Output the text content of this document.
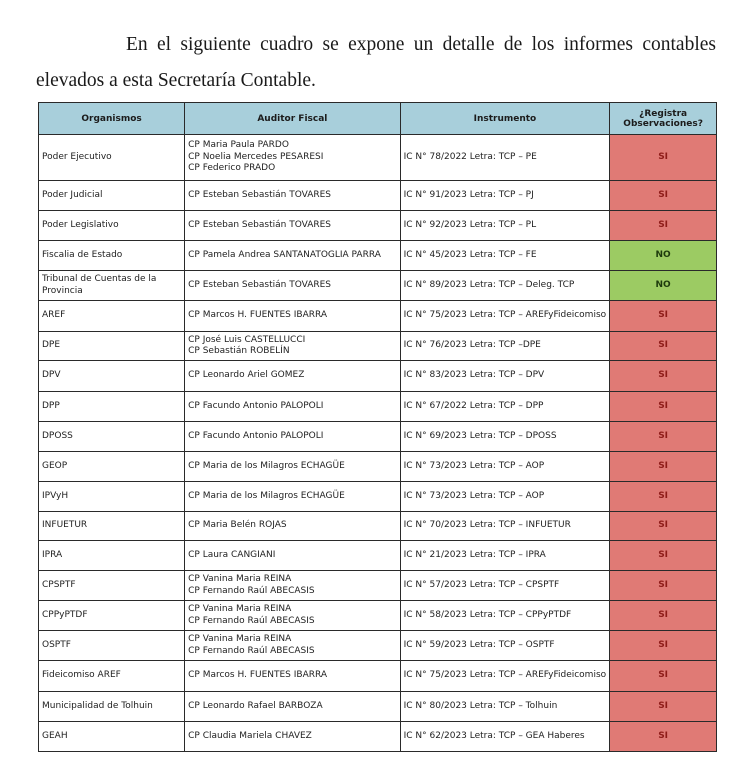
En el siguiente cuadro se expone un detalle de los informes contables
elevados a esta Secretaría Contable.
Organismos	Auditor Fiscal	Instrumento	¿Registra Observaciones?
Poder Ejecutivo	CP Maria Paula PARDO
CP Noelia Mercedes PESARESI
CP Federico PRADO	IC N° 78/2022 Letra: TCP – PE	SI
Poder Judicial	CP Esteban Sebastián TOVARES	IC N° 91/2023 Letra: TCP – PJ	SI
Poder Legislativo	CP Esteban Sebastián TOVARES	IC N° 92/2023 Letra: TCP – PL	SI
Fiscalia de Estado	CP Pamela Andrea SANTANATOGLIA PARRA	IC N° 45/2023 Letra: TCP – FE	NO
Tribunal de Cuentas de la Provincia	CP Esteban Sebastián TOVARES	IC N° 89/2023 Letra: TCP – Deleg. TCP	NO
AREF	CP Marcos H. FUENTES IBARRA	IC N° 75/2023 Letra: TCP – AREFyFideicomiso	SI
DPE	CP José Luis CASTELLUCCI
CP Sebastián ROBELÍN	IC N° 76/2023 Letra: TCP –DPE	SI
DPV	CP Leonardo Ariel GOMEZ	IC N° 83/2023 Letra: TCP – DPV	SI
DPP	CP Facundo Antonio PALOPOLI	IC N° 67/2022 Letra: TCP – DPP	SI
DPOSS	CP Facundo Antonio PALOPOLI	IC N° 69/2023 Letra: TCP – DPOSS	SI
GEOP	CP Maria de los Milagros ECHAGÜE	IC N° 73/2023 Letra: TCP – AOP	SI
IPVyH	CP Maria de los Milagros ECHAGÜE	IC N° 73/2023 Letra: TCP – AOP	SI
INFUETUR	CP Maria Belén ROJAS	IC N° 70/2023 Letra: TCP – INFUETUR	SI
IPRA	CP Laura CANGIANI	IC N° 21/2023 Letra: TCP – IPRA	SI
CPSPTF	CP Vanina Maria REINA
CP Fernando Raúl ABECASIS	IC N° 57/2023 Letra: TCP – CPSPTF	SI
CPPyPTDF	CP Vanina Maria REINA
CP Fernando Raúl ABECASIS	IC N° 58/2023 Letra: TCP – CPPyPTDF	SI
OSPTF	CP Vanina Maria REINA
CP Fernando Raúl ABECASIS	IC N° 59/2023 Letra: TCP – OSPTF	SI
Fideicomiso AREF	CP Marcos H. FUENTES IBARRA	IC N° 75/2023 Letra: TCP – AREFyFideicomiso	SI
Municipalidad de Tolhuin	CP Leonardo Rafael BARBOZA	IC N° 80/2023 Letra: TCP – Tolhuin	SI
GEAH	CP Claudia Mariela CHAVEZ	IC N° 62/2023 Letra: TCP – GEA Haberes	SI
